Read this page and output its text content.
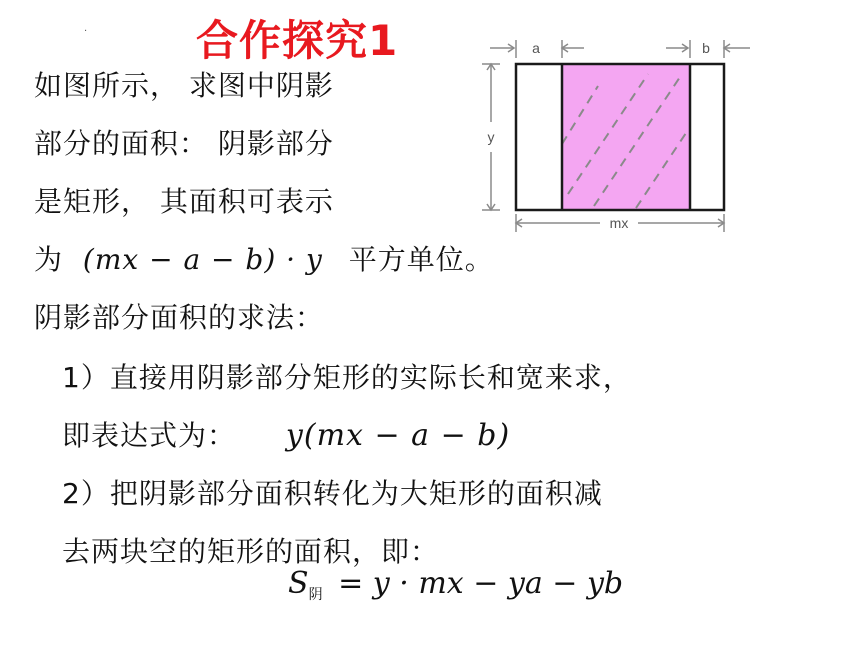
合作探究1
·
如图所示， 求图中阴影
部分的面积： 阴影部分
是矩形， 其面积可表示
为 (mx − a − b) · y 平方单位。
阴影部分面积的求法：
1）直接用阴影部分矩形的实际长和宽来求，
即表达式为： y(mx − a − b)
2）把阴影部分面积转化为大矩形的面积减
去两块空的矩形的面积，即：
$S_阴 = y$ · mx − ya − yb
a	b
y
mx
